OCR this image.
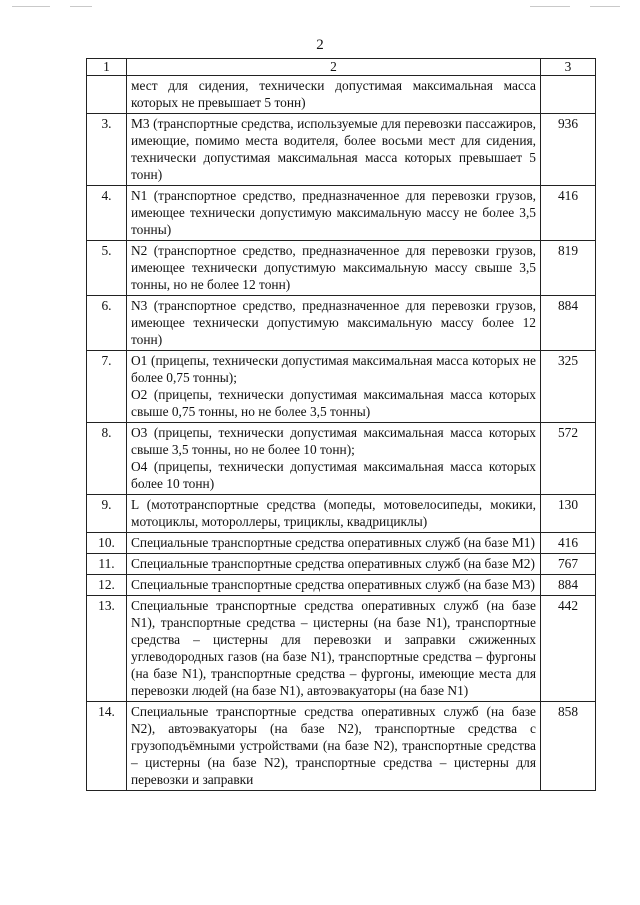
2
1	2	3

	мест для сидения, технически допустимая максимальная масса которых не превышает 5 тонн)	

3.	M3 (транспортные средства, используемые для перевозки пассажиров, имеющие, помимо места водителя, более восьми мест для сидения, технически допустимая максимальная масса которых превышает 5 тонн)	936
4.	N1 (транспортное средство, предназначенное для перевозки грузов, имеющее технически допустимую максимальную массу не более 3,5 тонны)	416
5.	N2 (транспортное средство, предназначенное для перевозки грузов, имеющее технически допустимую максимальную массу свыше 3,5 тонны, но не более 12 тонн)	819
6.	N3 (транспортное средство, предназначенное для перевозки грузов, имеющее технически допустимую максимальную массу более 12 тонн)	884
7.	O1 (прицепы, технически допустимая максимальная масса которых не более 0,75 тонны);

O2 (прицепы, технически допустимая максимальная масса которых свыше 0,75 тонны, но не более 3,5 тонны)	325
8.	O3 (прицепы, технически допустимая максимальная масса которых свыше 3,5 тонны, но не более 10 тонн);

O4 (прицепы, технически допустимая максимальная масса которых более 10 тонн)	572
9.	L (мототранспортные средства (мопеды, мотовелосипеды, мокики, мотоциклы, мотороллеры, трициклы, квадрициклы)	130
10.	Специальные транспортные средства оперативных служб (на базе M1)	416
11.	Специальные транспортные средства оперативных служб (на базе M2)	767
12.	Специальные транспортные средства оперативных служб (на базе M3)	884
13.	Специальные транспортные средства оперативных служб (на базе N1), транспортные средства – цистерны (на базе N1), транспортные средства – цистерны для перевозки и заправки сжиженных углеводородных газов (на базе N1), транспортные средства – фургоны (на базе N1), транспортные средства – фургоны, имеющие места для перевозки людей (на базе N1), автоэвакуаторы (на базе N1)	442
14.	Специальные транспортные средства оперативных служб (на базе N2), автоэвакуаторы (на базе N2), транспортные средства с грузоподъёмными устройствами (на базе N2), транспортные средства – цистерны (на базе N2), транспортные средства – цистерны для перевозки и заправки	858
